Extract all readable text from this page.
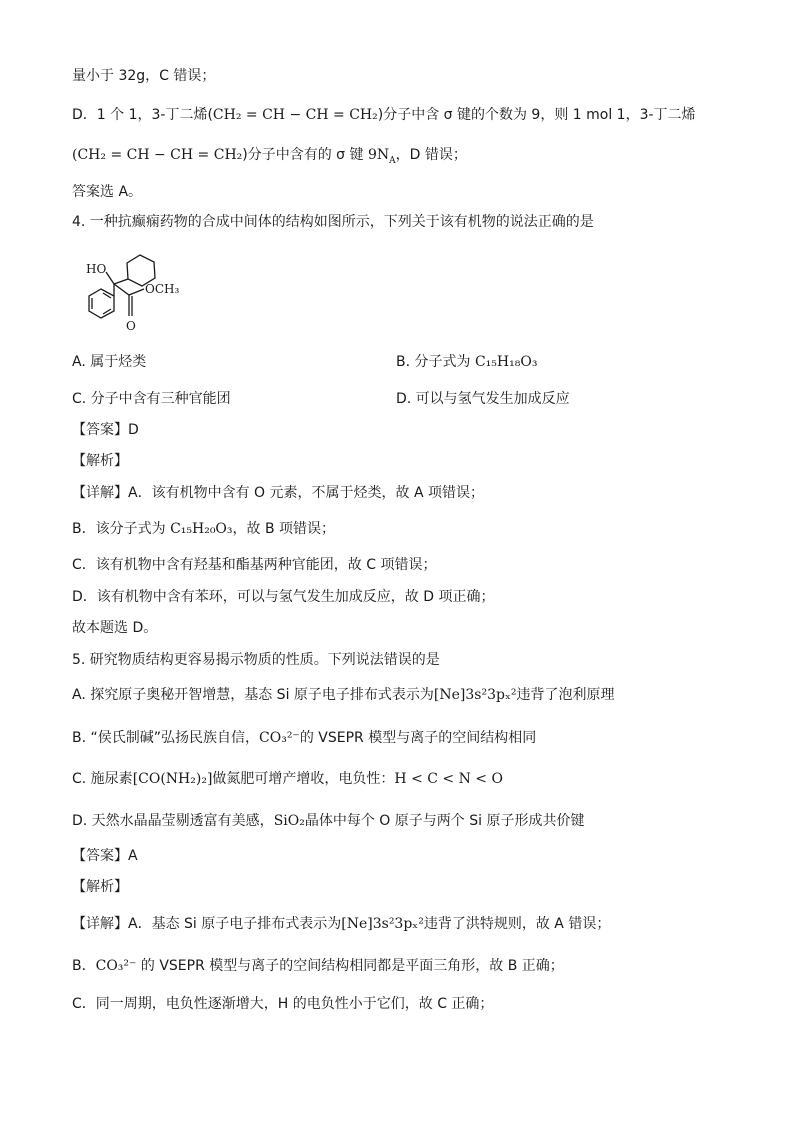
量小于 32g，C 错误；
D．1 个 1，3-丁二烯(CH₂ = CH − CH = CH₂)分子中含 σ 键的个数为 9，则 1 mol 1，3-丁二烯
(CH₂ = CH − CH = CH₂)分子中含有的 σ 键 $9N_A$，D 错误；
答案选 A。
4. 一种抗癫痫药物的合成中间体的结构如图所示，下列关于该有机物的说法正确的是
HO
OCH₃
O
A. 属于烃类	B. 分子式为 C₁₅H₁₈O₃
C. 分子中含有三种官能团	D. 可以与氢气发生加成反应
【答案】D
【解析】
【详解】A．该有机物中含有 O 元素，不属于烃类，故 A 项错误；
B．该分子式为 C₁₅H₂₀O₃，故 B 项错误；
C．该有机物中含有羟基和酯基两种官能团，故 C 项错误；
D．该有机物中含有苯环，可以与氢气发生加成反应，故 D 项正确；
故本题选 D。
5. 研究物质结构更容易揭示物质的性质。下列说法错误的是
A. 探究原子奥秘开智增慧，基态 Si 原子电子排布式表示为[Ne]3s²3pₓ²违背了泡利原理
B. “侯氏制碱”弘扬民族自信，CO₃²⁻的 VSEPR 模型与离子的空间结构相同
C. 施尿素[CO(NH₂)₂]做氮肥可增产增收，电负性：H < C < N < O
D. 天然水晶晶莹剔透富有美感，SiO₂晶体中每个 O 原子与两个 Si 原子形成共价键
【答案】A
【解析】
【详解】A．基态 Si 原子电子排布式表示为[Ne]3s²3pₓ²违背了洪特规则，故 A 错误；
B．CO₃²⁻ 的 VSEPR 模型与离子的空间结构相同都是平面三角形，故 B 正确；
C．同一周期，电负性逐渐增大，H 的电负性小于它们，故 C 正确；
